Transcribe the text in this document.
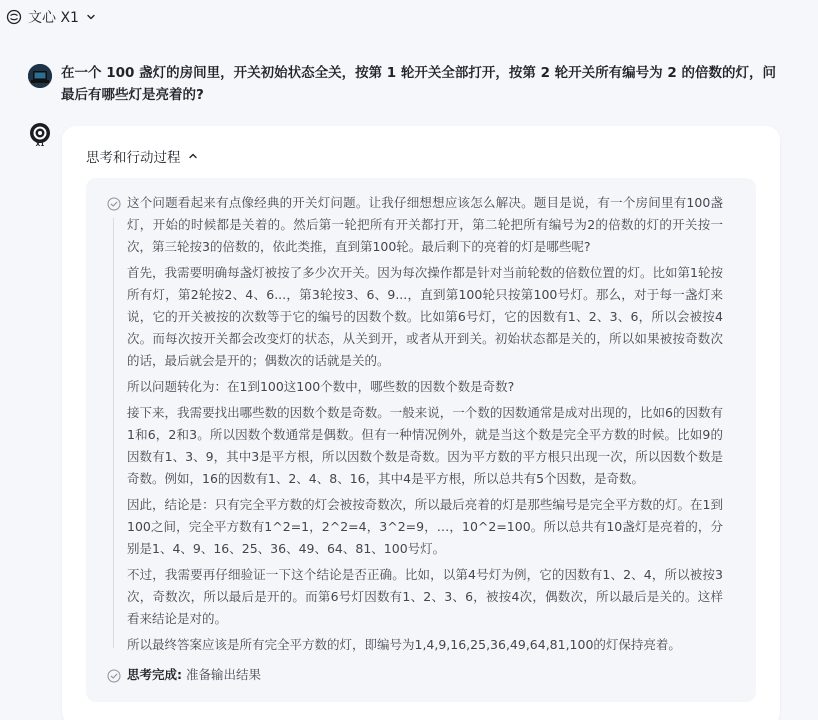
文心 X1
在一个 100 盏灯的房间里，开关初始状态全关，按第 1 轮开关全部打开，按第 2 轮开关所有编号为 2 的倍数的灯，问最后有哪些灯是亮着的?
X1
思考和行动过程

这个问题看起来有点像经典的开关灯问题。让我仔细想想应该怎么解决。题目是说，有一个房间里有100盏灯，开始的时候都是关着的。然后第一轮把所有开关都打开，第二轮把所有编号为2的倍数的灯的开关按一次，第三轮按3的倍数的，依此类推，直到第100轮。最后剩下的亮着的灯是哪些呢?

首先，我需要明确每盏灯被按了多少次开关。因为每次操作都是针对当前轮数的倍数位置的灯。比如第1轮按所有灯，第2轮按2、4、6...，第3轮按3、6、9...，直到第100轮只按第100号灯。那么，对于每一盏灯来说，它的开关被按的次数等于它的编号的因数个数。比如第6号灯，它的因数有1、2、3、6，所以会被按4次。而每次按开关都会改变灯的状态，从关到开，或者从开到关。初始状态都是关的，所以如果被按奇数次的话，最后就会是开的；偶数次的话就是关的。

所以问题转化为：在1到100这100个数中，哪些数的因数个数是奇数?

接下来，我需要找出哪些数的因数个数是奇数。一般来说，一个数的因数通常是成对出现的，比如6的因数有1和6，2和3。所以因数个数通常是偶数。但有一种情况例外，就是当这个数是完全平方数的时候。比如9的因数有1、3、9，其中3是平方根，所以因数个数是奇数。因为平方数的平方根只出现一次，所以因数个数是奇数。例如，16的因数有1、2、4、8、16，其中4是平方根，所以总共有5个因数，是奇数。

因此，结论是：只有完全平方数的灯会被按奇数次，所以最后亮着的灯是那些编号是完全平方数的灯。在1到100之间，完全平方数有1^2=1，2^2=4，3^2=9，…，10^2=100。所以总共有10盏灯是亮着的，分别是1、4、9、16、25、36、49、64、81、100号灯。

不过，我需要再仔细验证一下这个结论是否正确。比如，以第4号灯为例，它的因数有1、2、4，所以被按3次，奇数次，所以最后是开的。而第6号灯因数有1、2、3、6，被按4次，偶数次，所以最后是关的。这样看来结论是对的。

所以最终答案应该是所有完全平方数的灯，即编号为1,4,9,16,25,36,49,64,81,100的灯保持亮着。

思考完成: 准备输出结果
